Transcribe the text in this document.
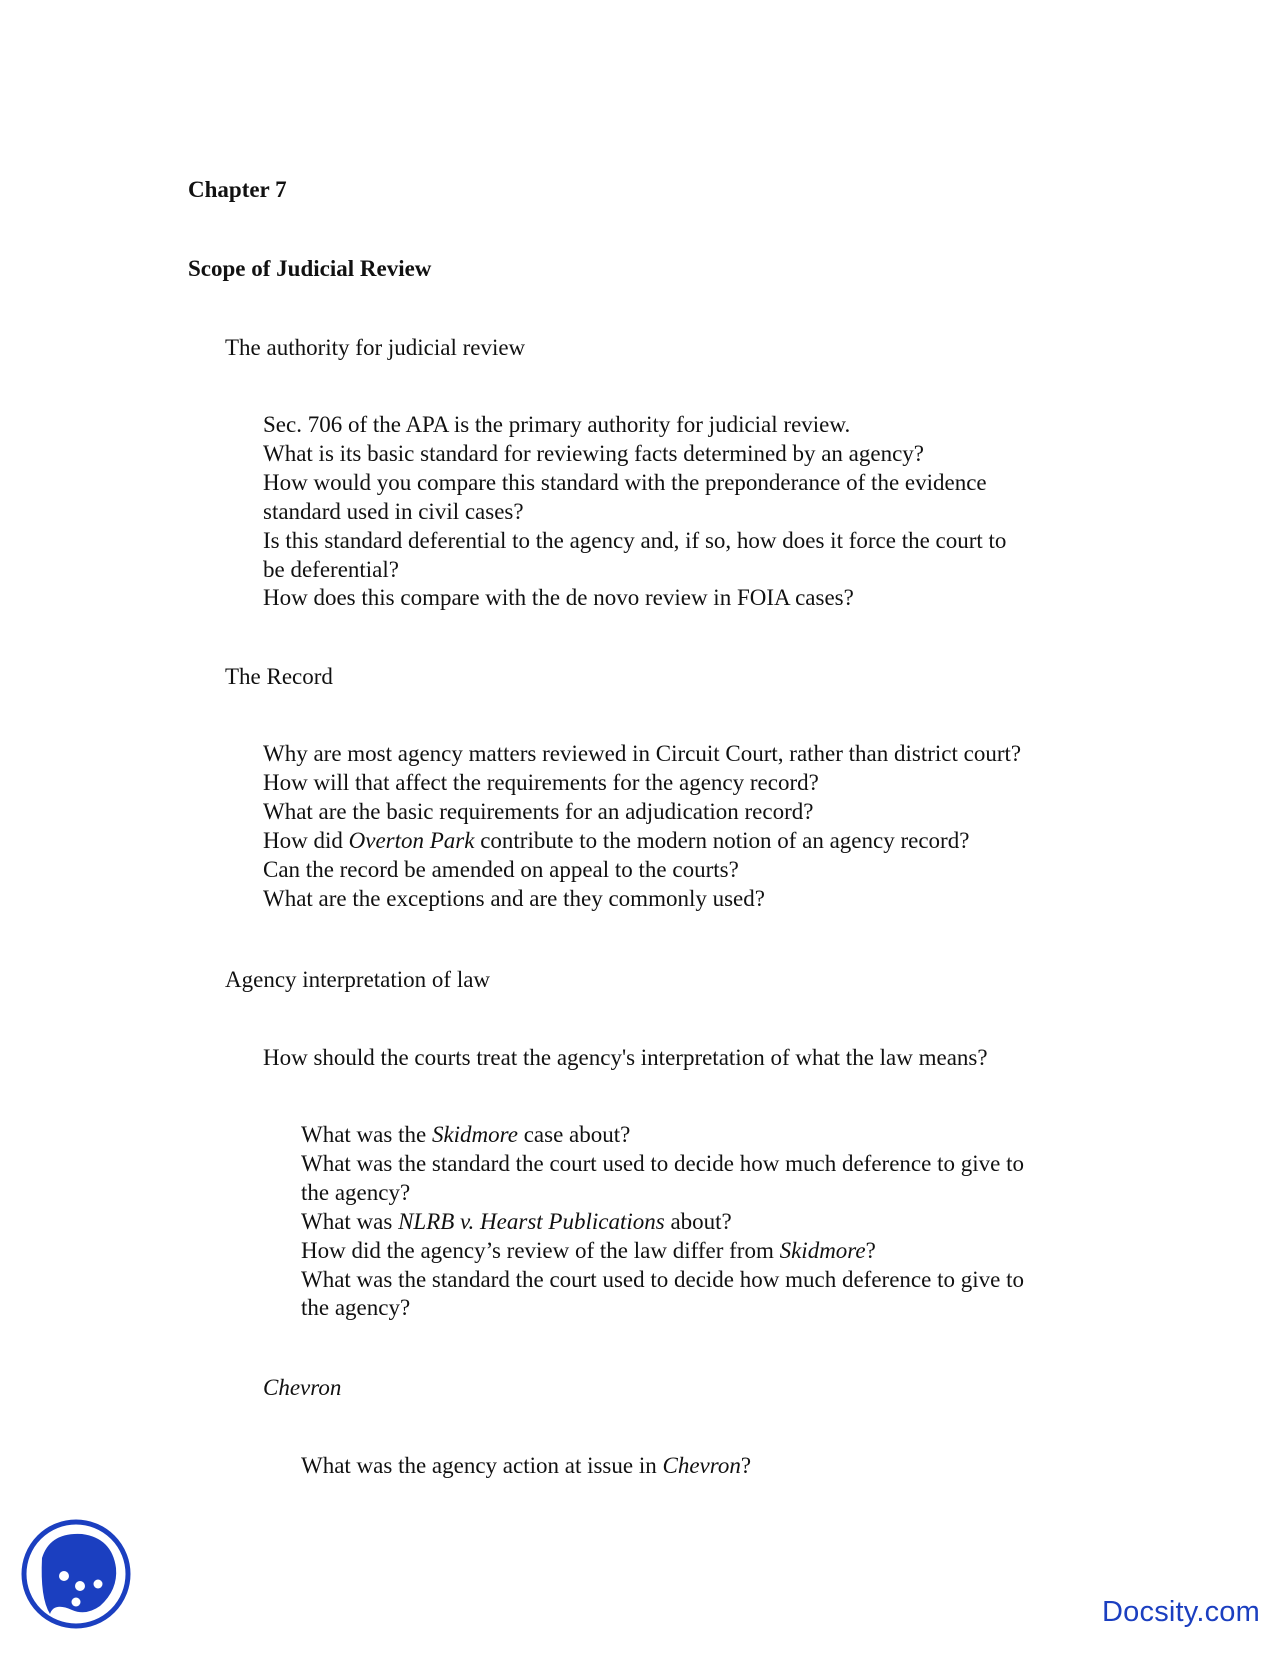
Chapter 7
Scope of Judicial Review
The authority for judicial review
Sec. 706 of the APA is the primary authority for judicial review.
What is its basic standard for reviewing facts determined by an agency?
How would you compare this standard with the preponderance of the evidence
standard used in civil cases?
Is this standard deferential to the agency and, if so, how does it force the court to
be deferential?
How does this compare with the de novo review in FOIA cases?
The Record
Why are most agency matters reviewed in Circuit Court, rather than district court?
How will that affect the requirements for the agency record?
What are the basic requirements for an adjudication record?
How did Overton Park contribute to the modern notion of an agency record?
Can the record be amended on appeal to the courts?
What are the exceptions and are they commonly used?
Agency interpretation of law
How should the courts treat the agency's interpretation of what the law means?
What was the Skidmore case about?
What was the standard the court used to decide how much deference to give to
the agency?
What was NLRB v. Hearst Publications about?
How did the agency’s review of the law differ from Skidmore?
What was the standard the court used to decide how much deference to give to
the agency?
Chevron
What was the agency action at issue in Chevron?
Docsity.com
